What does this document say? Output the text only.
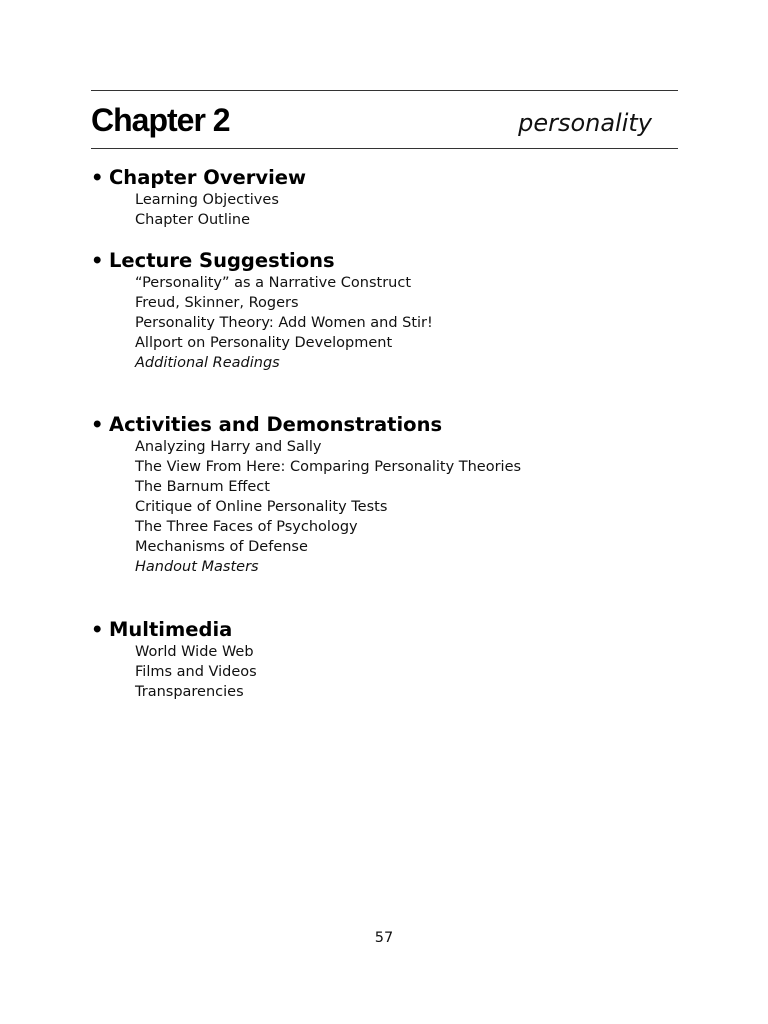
Chapter 2	personality
• Chapter Overview
Learning Objectives
Chapter Outline
• Lecture Suggestions
“Personality” as a Narrative Construct
Freud, Skinner, Rogers
Personality Theory: Add Women and Stir!
Allport on Personality Development
Additional Readings
• Activities and Demonstrations
Analyzing Harry and Sally
The View From Here: Comparing Personality Theories
The Barnum Effect
Critique of Online Personality Tests
The Three Faces of Psychology
Mechanisms of Defense
Handout Masters
• Multimedia
World Wide Web
Films and Videos
Transparencies
57
